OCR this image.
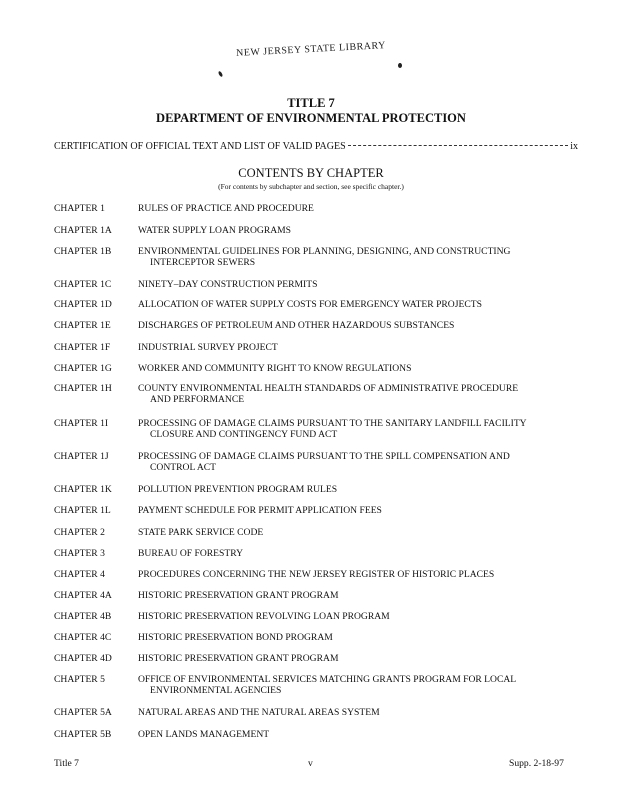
NEW JERSEY STATE LIBRARY
TITLE 7
DEPARTMENT OF ENVIRONMENTAL PROTECTION
CERTIFICATION OF OFFICIAL TEXT AND LIST OF VALID PAGES	ix
CONTENTS BY CHAPTER
(For contents by subchapter and section, see specific chapter.)
CHAPTER 1	RULES OF PRACTICE AND PROCEDURE
CHAPTER 1A	WATER SUPPLY LOAN PROGRAMS
CHAPTER 1B	ENVIRONMENTAL GUIDELINES FOR PLANNING, DESIGNING, AND CONSTRUCTING
INTERCEPTOR SEWERS
CHAPTER 1C	NINETY–DAY CONSTRUCTION PERMITS
CHAPTER 1D	ALLOCATION OF WATER SUPPLY COSTS FOR EMERGENCY WATER PROJECTS
CHAPTER 1E	DISCHARGES OF PETROLEUM AND OTHER HAZARDOUS SUBSTANCES
CHAPTER 1F	INDUSTRIAL SURVEY PROJECT
CHAPTER 1G	WORKER AND COMMUNITY RIGHT TO KNOW REGULATIONS
CHAPTER 1H	COUNTY ENVIRONMENTAL HEALTH STANDARDS OF ADMINISTRATIVE PROCEDURE
AND PERFORMANCE
CHAPTER 1I	PROCESSING OF DAMAGE CLAIMS PURSUANT TO THE SANITARY LANDFILL FACILITY
CLOSURE AND CONTINGENCY FUND ACT
CHAPTER 1J	PROCESSING OF DAMAGE CLAIMS PURSUANT TO THE SPILL COMPENSATION AND
CONTROL ACT
CHAPTER 1K	POLLUTION PREVENTION PROGRAM RULES
CHAPTER 1L	PAYMENT SCHEDULE FOR PERMIT APPLICATION FEES
CHAPTER 2	STATE PARK SERVICE CODE
CHAPTER 3	BUREAU OF FORESTRY
CHAPTER 4	PROCEDURES CONCERNING THE NEW JERSEY REGISTER OF HISTORIC PLACES
CHAPTER 4A	HISTORIC PRESERVATION GRANT PROGRAM
CHAPTER 4B	HISTORIC PRESERVATION REVOLVING LOAN PROGRAM
CHAPTER 4C	HISTORIC PRESERVATION BOND PROGRAM
CHAPTER 4D	HISTORIC PRESERVATION GRANT PROGRAM
CHAPTER 5	OFFICE OF ENVIRONMENTAL SERVICES MATCHING GRANTS PROGRAM FOR LOCAL
ENVIRONMENTAL AGENCIES
CHAPTER 5A	NATURAL AREAS AND THE NATURAL AREAS SYSTEM
CHAPTER 5B	OPEN LANDS MANAGEMENT
Title 7	v	Supp. 2-18-97
